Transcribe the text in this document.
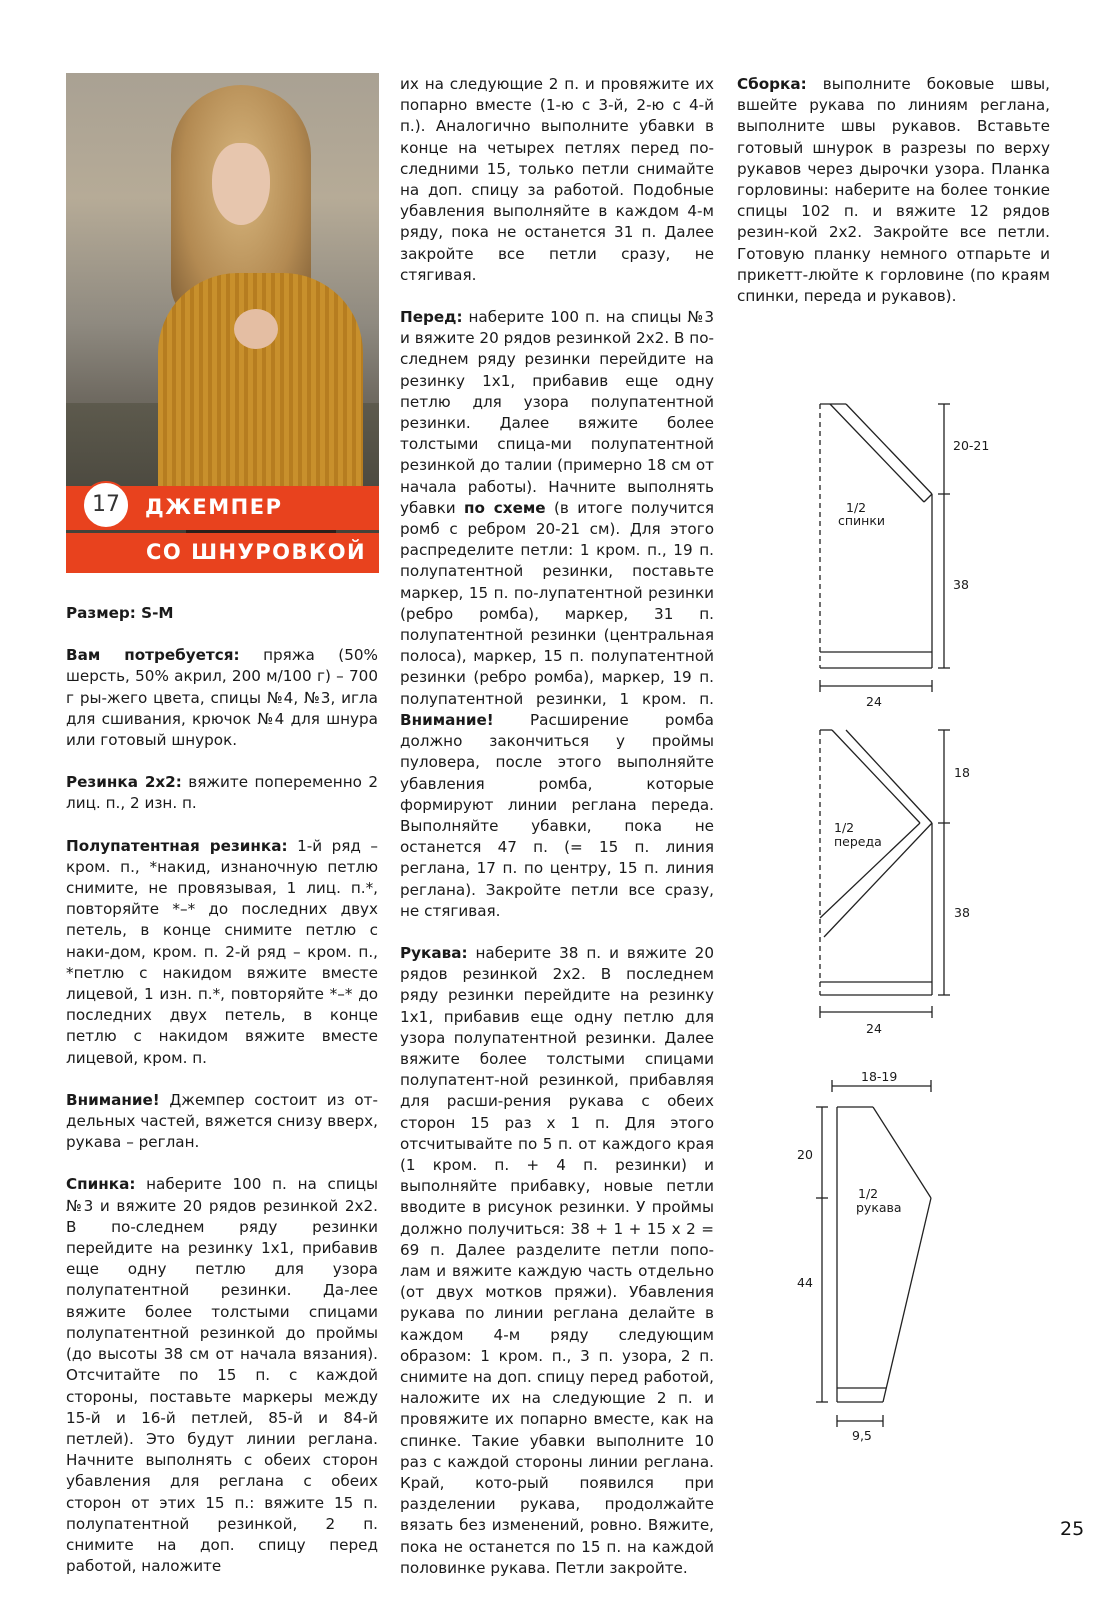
17	ДЖЕМПЕР
СО ШНУРОВКОЙ

Размер: S-M

Вам потребуется: пряжа (50% шерсть, 50% акрил, 200 м/100 г) – 700 г ры-жего цвета, спицы №4, №3, игла для сшивания, крючок №4 для шнура или готовый шнурок.

Резинка 2х2: вяжите попеременно 2 лиц. п., 2 изн. п.

Полупатентная резинка: 1-й ряд – кром. п., *накид, изнаночную петлю снимите, не провязывая, 1 лиц. п.*, повторяйте *–* до последних двух петель, в конце снимите петлю с наки-дом, кром. п. 2-й ряд – кром. п., *петлю с накидом вяжите вместе лицевой, 1 изн. п.*, повторяйте *–* до последних двух петель, в конце петлю с накидом вяжите вместе лицевой, кром. п.

Внимание! Джемпер состоит из от-дельных частей, вяжется снизу вверх, рукава – реглан.

Спинка: наберите 100 п. на спицы №3 и вяжите 20 рядов резинкой 2х2. В по-следнем ряду резинки перейдите на резинку 1х1, прибавив еще одну петлю для узора полупатентной резинки. Да-лее вяжите более толстыми спицами полупатентной резинкой до проймы (до высоты 38 см от начала вязания). Отсчитайте по 15 п. с каждой стороны, поставьте маркеры между 15-й и 16-й петлей, 85-й и 84-й петлей). Это будут линии реглана. Начните выполнять с обеих сторон убавления для реглана с обеих сторон от этих 15 п.: вяжите 15 п. полупатентной резинкой, 2 п. снимите на доп. спицу перед работой, наложите

их на следующие 2 п. и провяжите их попарно вместе (1-ю с 3-й, 2-ю с 4-й п.). Аналогично выполните убавки в конце на четырех петлях перед по-следними 15, только петли снимайте на доп. спицу за работой. Подобные убавления выполняйте в каждом 4-м ряду, пока не останется 31 п. Далее закройте все петли сразу, не стягивая.

Перед: наберите 100 п. на спицы №3 и вяжите 20 рядов резинкой 2х2. В по-следнем ряду резинки перейдите на резинку 1х1, прибавив еще одну петлю для узора полупатентной резинки. Далее вяжите более толстыми спица-ми полупатентной резинкой до талии (примерно 18 см от начала работы). Начните выполнять убавки по схеме (в итоге получится ромб с ребром 20-21 см). Для этого распределите петли: 1 кром. п., 19 п. полупатентной резинки, поставьте маркер, 15 п. по-лупатентной резинки (ребро ромба), маркер, 31 п. полупатентной резинки (центральная полоса), маркер, 15 п. полупатентной резинки (ребро ромба), маркер, 19 п. полупатентной резинки, 1 кром. п. Внимание! Расширение ромба должно закончиться у проймы пуловера, после этого выполняйте убавления ромба, которые формируют линии реглана переда. Выполняйте убавки, пока не останется 47 п. (= 15 п. линия реглана, 17 п. по центру, 15 п. линия реглана). Закройте петли все сразу, не стягивая.

Рукава: наберите 38 п. и вяжите 20 рядов резинкой 2х2. В последнем ряду резинки перейдите на резинку 1х1, прибавив еще одну петлю для узора полупатентной резинки. Далее вяжите более толстыми спицами полупатент-ной резинкой, прибавляя для расши-рения рукава с обеих сторон 15 раз х 1 п. Для этого отсчитывайте по 5 п. от каждого края (1 кром. п. + 4 п. резинки) и выполняйте прибавку, новые петли вводите в рисунок резинки. У проймы должно получиться: 38 + 1 + 15 х 2 = 69 п. Далее разделите петли попо-лам и вяжите каждую часть отдельно (от двух мотков пряжи). Убавления рукава по линии реглана делайте в каждом 4-м ряду следующим образом: 1 кром. п., 3 п. узора, 2 п. снимите на доп. спицу перед работой, наложите их на следующие 2 п. и провяжите их попарно вместе, как на спинке. Такие убавки выполните 10 раз с каждой стороны линии реглана. Край, кото-рый появился при разделении рукава, продолжайте вязать без изменений, ровно. Вяжите, пока не останется по 15 п. на каждой половинке рукава. Петли закройте.

Сборка: выполните боковые швы, вшейте рукава по линиям реглана, выполните швы рукавов. Вставьте готовый шнурок в разрезы по верху рукавов через дырочки узора. Планка горловины: наберите на более тонкие спицы 102 п. и вяжите 12 рядов резин-кой 2х2. Закройте все петли. Готовую планку немного отпарьте и прикетт-люйте к горловине (по краям спинки, переда и рукавов).

1/2
спинки
20-21
38
24
1/2
переда
18
38
24
1/2
рукава
18-19
20
44
9,5
25
